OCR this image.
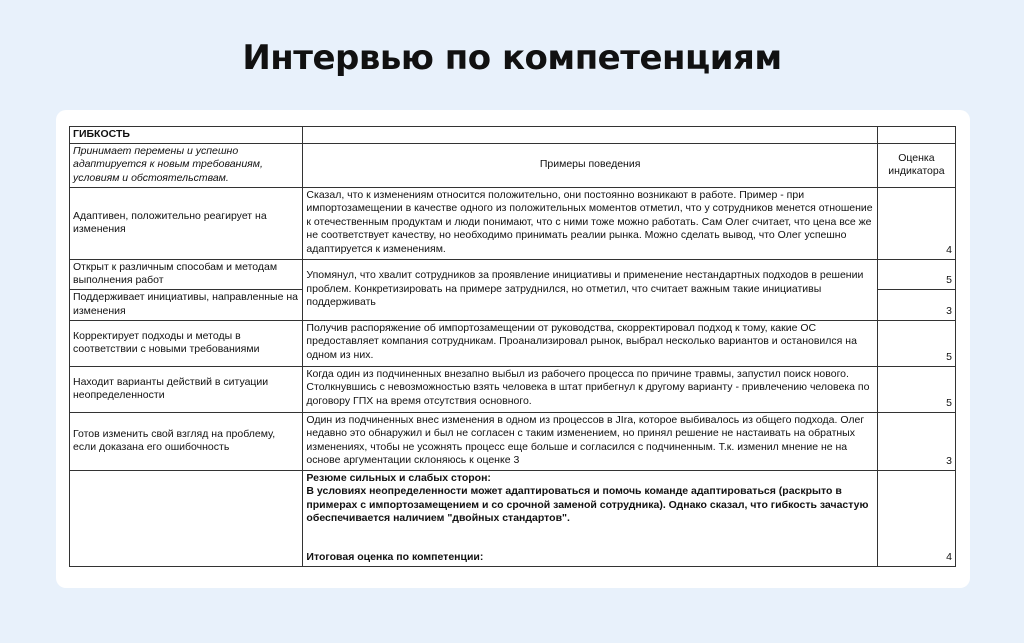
Интервью по компетенциям
ГИБКОСТЬ		
Принимает перемены и успешно адаптируется к новым требованиям, условиям и обстоятельствам.	Примеры поведения	Оценка индикатора
Адаптивен, положительно реагирует на изменения	Сказал, что к изменениям относится положительно, они постоянно возникают в работе. Пример - при импортозамещении в качестве одного из положительных моментов отметил, что у сотрудников менется отношение к отечественным продуктам и люди понимают, что с ними тоже можно работать. Сам Олег считает, что цена все же не соответствует качеству, но необходимо принимать реалии рынка. Можно сделать вывод, что Олег успешно адаптируется к изменениям.	4
Открыт к различным способам и методам выполнения работ	Упомянул, что хвалит сотрудников за проявление инициативы и применение нестандартных подходов в решении проблем. Конкретизировать на примере затруднился, но отметил, что считает важным такие инициативы поддерживать	5
Поддерживает инициативы, направленные на изменения		3
Корректирует подходы и методы в соответствии с новыми требованиями	Получив распоряжение об импортозамещении от руководства, скорректировал подход к тому, какие ОС предоставляет компания сотрудникам. Проанализировал рынок, выбрал несколько вариантов и остановился на одном из них.	5
Находит варианты действий в ситуации неопределенности	Когда один из подчиненных внезапно выбыл из рабочего процесса по причине травмы, запустил поиск нового. Столкнувшись с невозможностью взять человека в штат прибегнул к другому варианту - привлечению человека по договору ГПХ на время отсутствия основного.	5
Готов изменить свой взгляд на проблему, если доказана его ошибочность	Один из подчиненных внес изменения в одном из процессов в JIra, которое выбивалось из общего подхода. Олег недавно это обнаружил и был не согласен с таким изменением, но принял решение не настаивать на обратных изменениях, чтобы не усожнять процесс еще больше и согласился с подчиненным. Т.к. изменил мнение не на основе аргументации склоняюсь к оценке 3	3

	Резюме сильных и слабых сторон:
В условиях неопределенности может адаптироваться и помочь команде адаптироваться (раскрыто в примерах с импортозамещением и со срочной заменой сотрудника). Однако сказал, что гибкость зачастую обеспечивается наличием "двойных стандартов".
Итоговая оценка по компетенции:	4
